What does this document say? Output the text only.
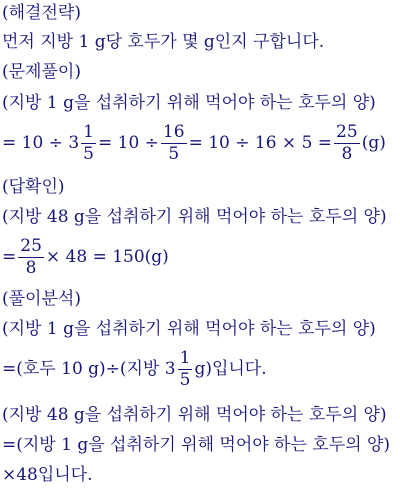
(해결전략)
먼저 지방 1 g당 호두가 몇 g인지 구합니다.
(문제풀이)
(지방 1 g을 섭취하기 위해 먹어야 하는 호두의 양)
= $10 \div 3 \frac{1}{5} = 10 \div \frac{16}{5} = 10 \div 16 \times 5 = \frac{25}{8} (g)$
(답확인)
(지방 48 g을 섭취하기 위해 먹어야 하는 호두의 양)
= $\frac{25}{8} \times 48 = 150(g)$
(풀이분석)
(지방 1 g을 섭취하기 위해 먹어야 하는 호두의 양)
=(호두 10 g)÷(지방 $3 \frac{1}{5} g$)입니다.
(지방 48 g을 섭취하기 위해 먹어야 하는 호두의 양)
=(지방 1 g을 섭취하기 위해 먹어야 하는 호두의 양)
×48입니다.
